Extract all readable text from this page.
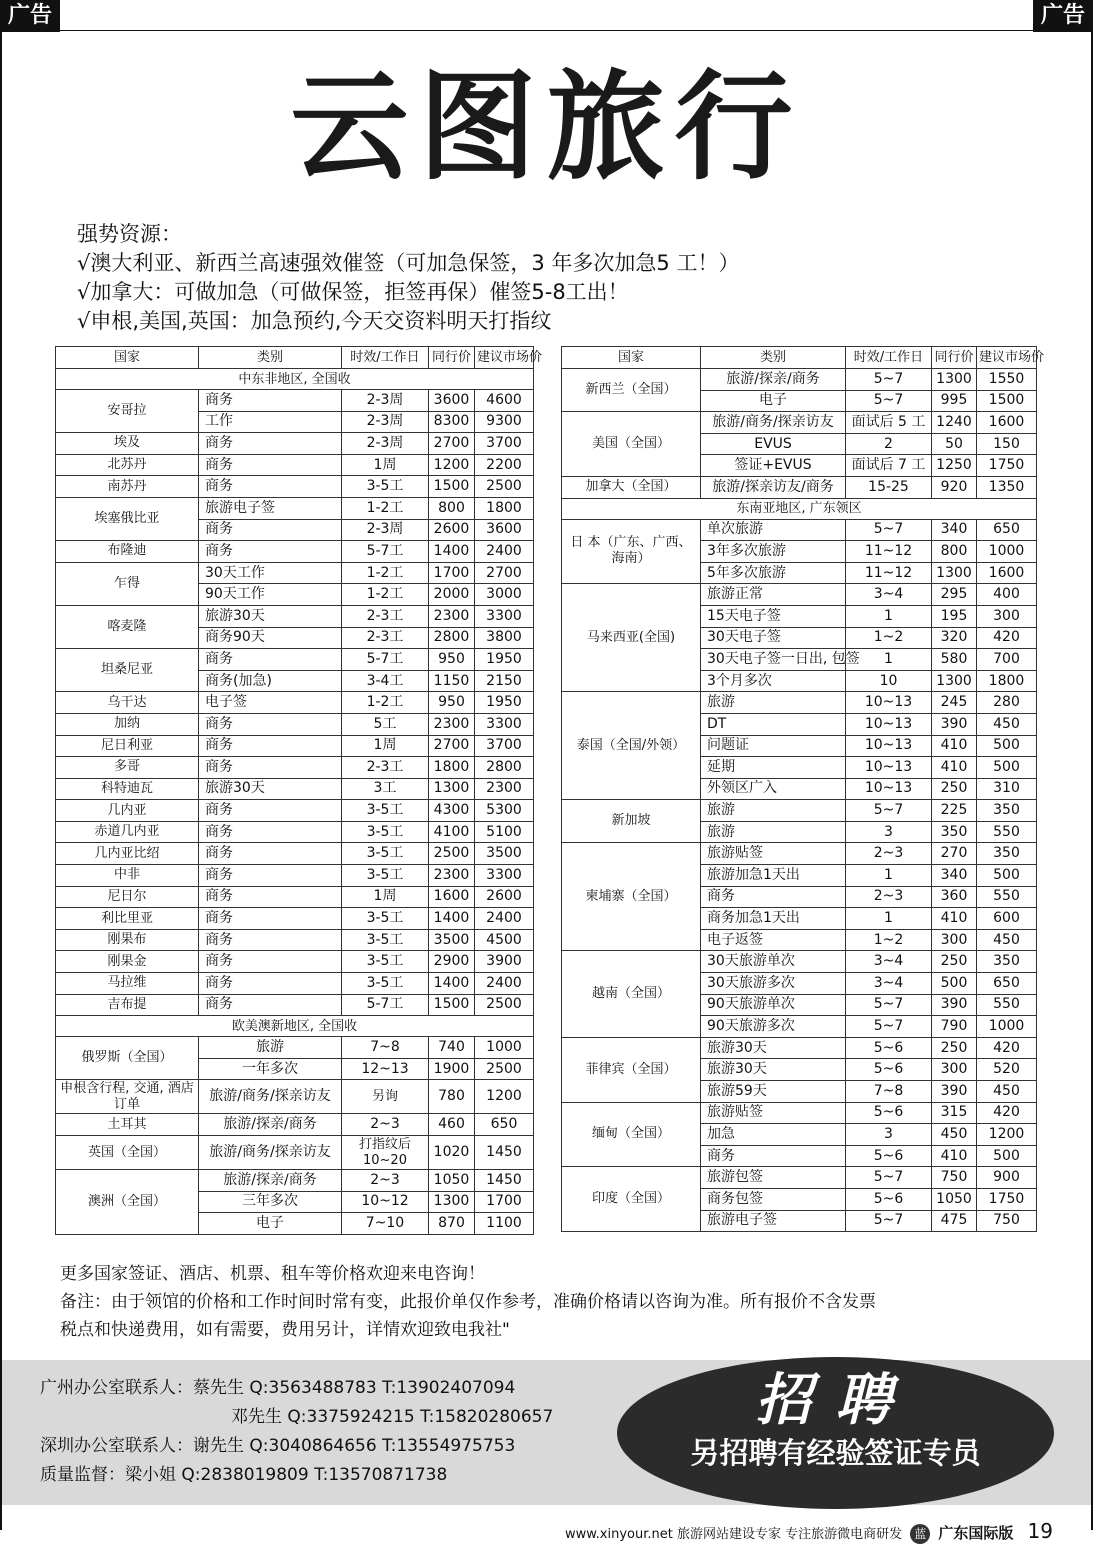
广告	广告
云图旅行
强势资源：
√澳大利亚、新西兰高速强效催签（可加急保签，3 年多次加急5 工！）
√加拿大：可做加急（可做保签，拒签再保）催签5-8工出！
√申根,美国,英国：加急预约,今天交资料明天打指纹
国家	类别	时效/工作日	同行价	建议市场价
中东非地区, 全国收				
安哥拉	商务	2-3周	3600	4600
	工作	2-3周	8300	9300
埃及	商务	2-3周	2700	3700
北苏丹	商务	1周	1200	2200
南苏丹	商务	3-5工	1500	2500
埃塞俄比亚	旅游电子签	1-2工	800	1800
	商务	2-3周	2600	3600
布隆迪	商务	5-7工	1400	2400
乍得	30天工作	1-2工	1700	2700
	90天工作	1-2工	2000	3000
喀麦隆	旅游30天	2-3工	2300	3300
	商务90天	2-3工	2800	3800
坦桑尼亚	商务	5-7工	950	1950
	商务(加急)	3-4工	1150	2150
乌干达	电子签	1-2工	950	1950
加纳	商务	5工	2300	3300
尼日利亚	商务	1周	2700	3700
多哥	商务	2-3工	1800	2800
科特迪瓦	旅游30天	3工	1300	2300
几内亚	商务	3-5工	4300	5300
赤道几内亚	商务	3-5工	4100	5100
几内亚比绍	商务	3-5工	2500	3500
中非	商务	3-5工	2300	3300
尼日尔	商务	1周	1600	2600
利比里亚	商务	3-5工	1400	2400
刚果布	商务	3-5工	3500	4500
刚果金	商务	3-5工	2900	3900
马拉维	商务	3-5工	1400	2400
吉布提	商务	5-7工	1500	2500
欧美澳新地区, 全国收				
俄罗斯（全国）	旅游	7~8	740	1000
	一年多次	12~13	1900	2500
申根含行程, 交通, 酒店订单	旅游/商务/探亲访友	另询	780	1200
土耳其	旅游/探亲/商务	2~3	460	650
英国（全国）	旅游/商务/探亲访友	打指纹后 10~20	1020	1450
澳洲（全国）	旅游/探亲/商务	2~3	1050	1450
	三年多次	10~12	1300	1700
	电子	7~10	870	1100
国家	类别	时效/工作日	同行价	建议市场价
新西兰（全国）	旅游/探亲/商务	5~7	1300	1550
	电子	5~7	995	1500
美国（全国）	旅游/商务/探亲访友	面试后 5 工	1240	1600
	EVUS	2	50	150
	签证+EVUS	面试后 7 工	1250	1750
加拿大（全国）	旅游/探亲访友/商务	15-25	920	1350
东南亚地区, 广东领区				
日 本（广东、广西、海南）	单次旅游	5~7	340	650
	3年多次旅游	11~12	800	1000
	5年多次旅游	11~12	1300	1600
马来西亚(全国)	旅游正常	3~4	295	400
	15天电子签	1	195	300
	30天电子签	1~2	320	420
	30天电子签一日出, 包签	1	580	700
	3个月多次	10	1300	1800
泰国（全国/外领）	旅游	10~13	245	280
	DT	10~13	390	450
	问题证	10~13	410	500
	延期	10~13	410	500
	外领区广入	10~13	250	310
新加坡	旅游	5~7	225	350
	旅游	3	350	550
柬埔寨（全国）	旅游贴签	2~3	270	350
	旅游加急1天出	1	340	500
	商务	2~3	360	550
	商务加急1天出	1	410	600
	电子返签	1~2	300	450
越南（全国）	30天旅游单次	3~4	250	350
	30天旅游多次	3~4	500	650
	90天旅游单次	5~7	390	550
	90天旅游多次	5~7	790	1000
菲律宾（全国）	旅游30天	5~6	250	420
	旅游30天	5~6	300	520
	旅游59天	7~8	390	450
缅甸（全国）	旅游贴签	5~6	315	420
	加急	3	450	1200
	商务	5~6	410	500
印度（全国）	旅游包签	5~7	750	900
	商务包签	5~6	1050	1750
	旅游电子签	5~7	475	750
更多国家签证、酒店、机票、租车等价格欢迎来电咨询！
备注：由于领馆的价格和工作时间时常有变，此报价单仅作参考，准确价格请以咨询为准。所有报价不含发票
税点和快递费用，如有需要，费用另计，详情欢迎致电我社"
广州办公室联系人：蔡先生 Q:3563488783 T:13902407094
邓先生 Q:3375924215 T:15820280657
深圳办公室联系人：谢先生 Q:3040864656 T:13554975753
质量监督：梁小姐 Q:2838019809 T:13570871738
招聘
另招聘有经验签证专员
www.xinyour.net 旅游网站建设专家 专注旅游微电商研发 蓝 广东国际版 19
